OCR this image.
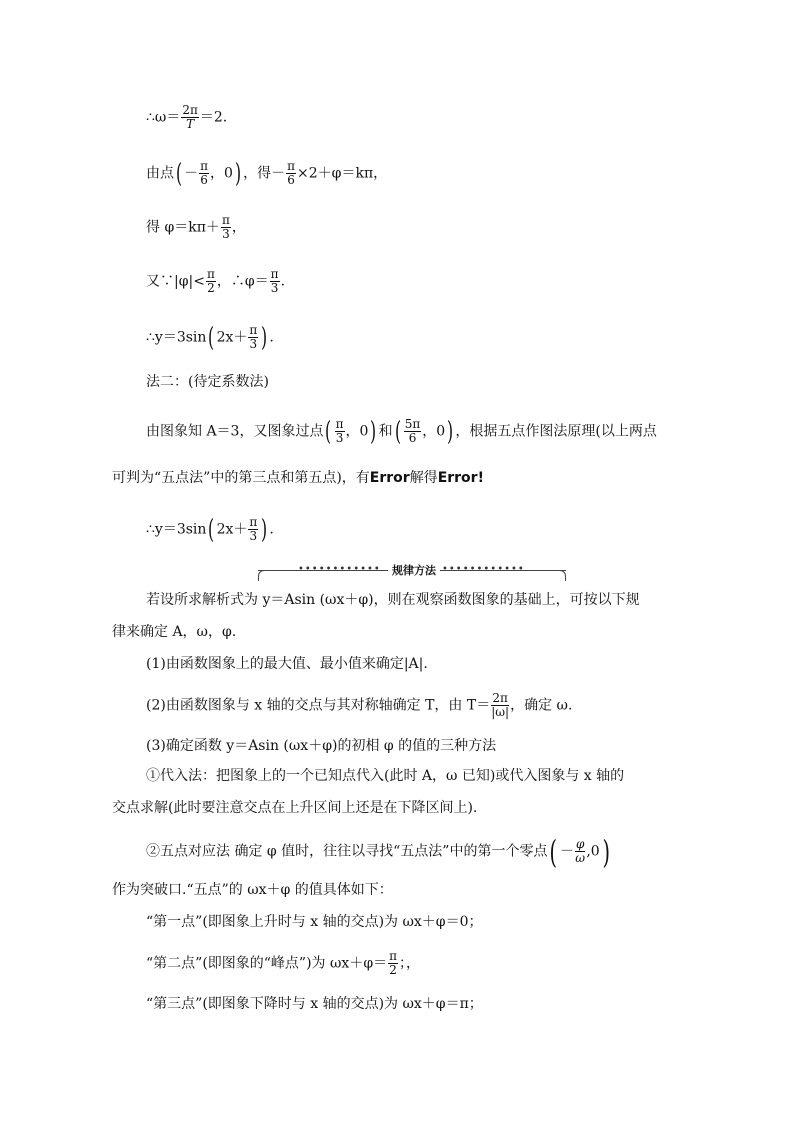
∴ω＝ $\frac{2\pi}{T} =2$.
由点( － $\frac{\pi}{6}$ ，0) ，得－ $\frac{\pi}{6} \times 2+\varphi=k\pi$，
得 $\varphi=k\pi+ \frac{\pi}{3}$ ，
又∵|φ|< $\frac{\pi}{2}$ ，∴φ＝ $\frac{\pi}{3}$ .
∴y＝3sin( $2x+ \frac{\pi}{3}$ ) .
法二：(待定系数法)
由图象知 A＝3，又图象过点( $\frac{\pi}{3}$ ，0) 和( $\frac{5\pi}{6}$ ，0) ，根据五点作图法原理(以上两点
可判为“五点法”中的第三点和第五点)，有Error解得Error!
∴y＝3sin( $2x+ \frac{\pi}{3}$ ) .
••••••••••••	••••••••••••
规律方法
若设所求解析式为 y＝Asin (ωx＋φ)，则在观察函数图象的基础上，可按以下规
律来确定 A，ω，φ.
(1)由函数图象上的最大值、最小值来确定|A|.
(2)由函数图象与 x 轴的交点与其对称轴确定 T，由 $T= \frac{2\pi}{|\omega|}$ ，确定 ω.
(3)确定函数 y＝Asin (ωx＋φ)的初相 φ 的值的三种方法
①代入法：把图象上的一个已知点代入(此时 A，ω 已知)或代入图象与 x 轴的
交点求解(此时要注意交点在上升区间上还是在下降区间上).
②五点对应法 确定 φ 值时，往往以寻找“五点法”中的第一个零点( － $\frac{\varphi}{\omega} ,0$)
作为突破口.“五点”的 ωx＋φ 的值具体如下：
“第一点”(即图象上升时与 x 轴的交点)为 ωx＋φ＝0；
“第二点”(即图象的“峰点”)为 $\omega x+\varphi= \frac{\pi}{2}$ ；，
“第三点”(即图象下降时与 x 轴的交点)为 ωx＋φ＝π；
